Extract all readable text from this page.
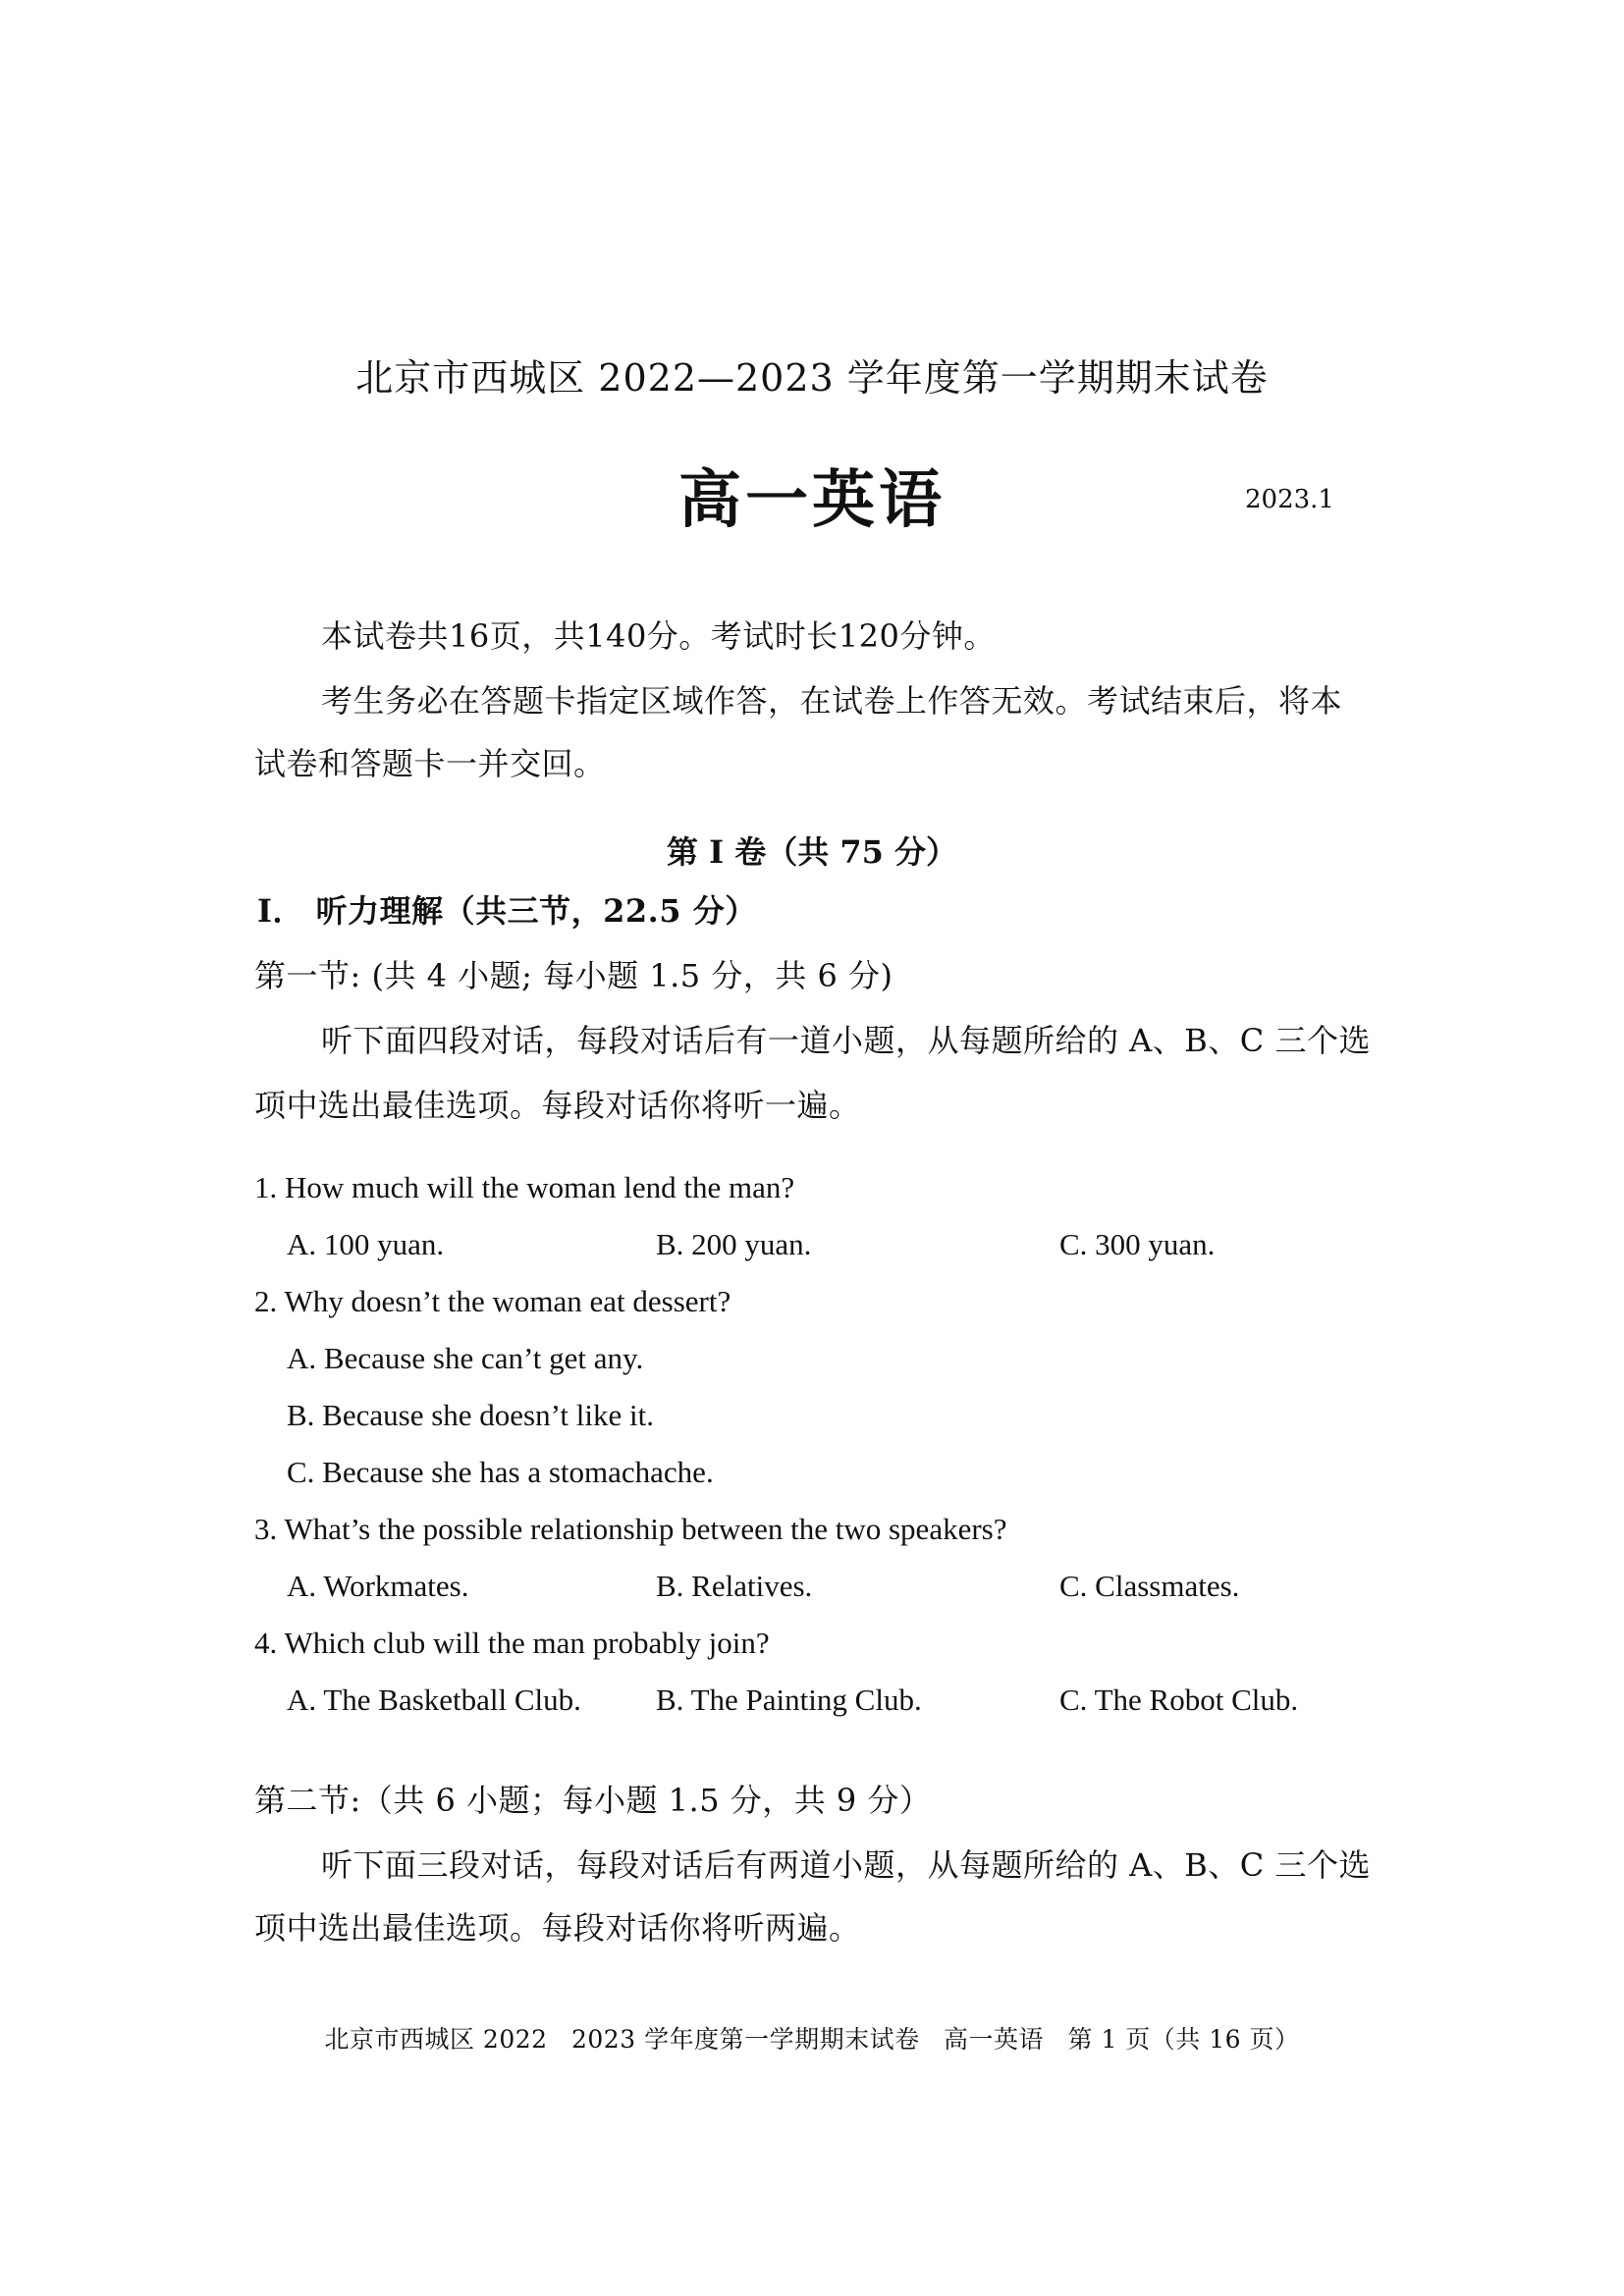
北京市西城区 2022—2023 学年度第一学期期末试卷
高一英语	2023.1
本试卷共16页，共140分。考试时长120分钟。
考生务必在答题卡指定区域作答，在试卷上作答无效。考试结束后，将本
试卷和答题卡一并交回。
第 I 卷（共 75 分）
I． 听力理解（共三节，22.5 分）
第一节: (共 4 小题; 每小题 1.5 分，共 6 分)
听下面四段对话，每段对话后有一道小题，从每题所给的 A、B、C 三个选
项中选出最佳选项。每段对话你将听一遍。
1. How much will the woman lend the man?
A. 100 yuan.	B. 200 yuan.	C. 300 yuan.
2. Why doesn’t the woman eat dessert?
A. Because she can’t get any.
B. Because she doesn’t like it.
C. Because she has a stomachache.
3. What’s the possible relationship between the two speakers?
A. Workmates.	B. Relatives.	C. Classmates.
4. Which club will the man probably join?
A. The Basketball Club. B. The Painting Club.	C. The Robot Club.
第二节:（共 6 小题；每小题 1.5 分，共 9 分）
听下面三段对话，每段对话后有两道小题，从每题所给的 A、B、C 三个选
项中选出最佳选项。每段对话你将听两遍。
北京市西城区 2022 2023 学年度第一学期期末试卷 高一英语 第 1 页（共 16 页）
